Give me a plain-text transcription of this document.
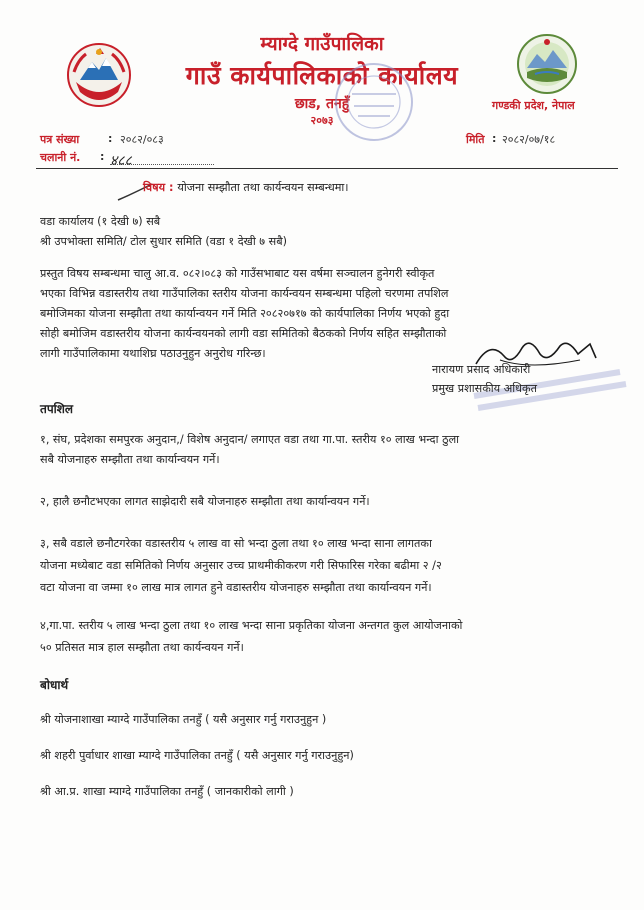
म्याग्दे गाउँपालिका
गाउँ कार्यपालिकाको कार्यालय
छाड, तनहुँ
२०७३
गण्डकी प्रदेश, नेपाल
पत्र संख्या	: २०८२/०८३
चलानी नं. : ४८८
मिति : २०८२/०७/१८
विषय : योजना सम्झौता तथा कार्यन्वयन सम्बन्धमा।
वडा कार्यालय (१ देखी ७) सबै
श्री उपभोक्ता समिति/ टोल सुधार समिति (वडा १ देखी ७ सबै)
प्रस्तुत विषय सम्बन्धमा चालु आ.व. ०८२।०८३ को गाउँसभाबाट यस वर्षमा सञ्चालन हुनेगरी स्वीकृत
भएका विभिन्न वडास्तरीय तथा गाउँपालिका स्तरीय योजना कार्यन्वयन सम्बन्धमा पहिलो चरणमा तपशिल
बमोजिमका योजना सम्झौता तथा कार्यान्वयन गर्ने मिति २०८२०७१७ को कार्यपालिका निर्णय भएको हुदा
सोही बमोजिम वडास्तरीय योजना कार्यन्वयनको लागी वडा समितिको बैठकको निर्णय सहित सम्झौताको
लागी गाउँपालिकामा यथाशिघ्र पठाउनुहुन अनुरोध गरिन्छ।
नारायण प्रसाद अधिकारी
प्रमुख प्रशासकीय अधिकृत
तपशिल
१, संघ, प्रदेशका समपुरक अनुदान,/ विशेष अनुदान/ लगाएत वडा तथा गा.पा. स्तरीय १० लाख भन्दा ठुला
सबै योजनाहरु सम्झौता तथा कार्यान्वयन गर्ने।
२, हालै छनौटभएका लागत साझेदारी सबै योजनाहरु सम्झौता तथा कार्यान्वयन गर्ने।
३, सबै वडाले छनौटगरेका वडास्तरीय ५ लाख वा सो भन्दा ठुला तथा १० लाख भन्दा साना लागतका
योजना मध्येबाट वडा समितिको निर्णय अनुसार उच्च प्राथमीकीकरण गरी सिफारिस गरेका बढीमा २ /२
वटा योजना वा जम्मा १० लाख मात्र लागत हुने वडास्तरीय योजनाहरु सम्झौता तथा कार्यान्वयन गर्ने।
४,गा.पा. स्तरीय ५ लाख भन्दा ठुला तथा १० लाख भन्दा साना प्रकृतिका योजना अन्तगत कुल आयोजनाको
५० प्रतिसत मात्र हाल सम्झौता तथा कार्यन्वयन गर्ने।
बोधार्थ
श्री योजनाशाखा म्याग्दे गाउँपालिका तनहुँ ( यसै अनुसार गर्नु गराउनुहुन )
श्री शहरी पुर्वाधार शाखा म्याग्दे गाउँपालिका तनहुँ ( यसै अनुसार गर्नु गराउनुहुन)
श्री आ.प्र. शाखा म्याग्दे गाउँपालिका तनहुँ ( जानकारीको लागी )
